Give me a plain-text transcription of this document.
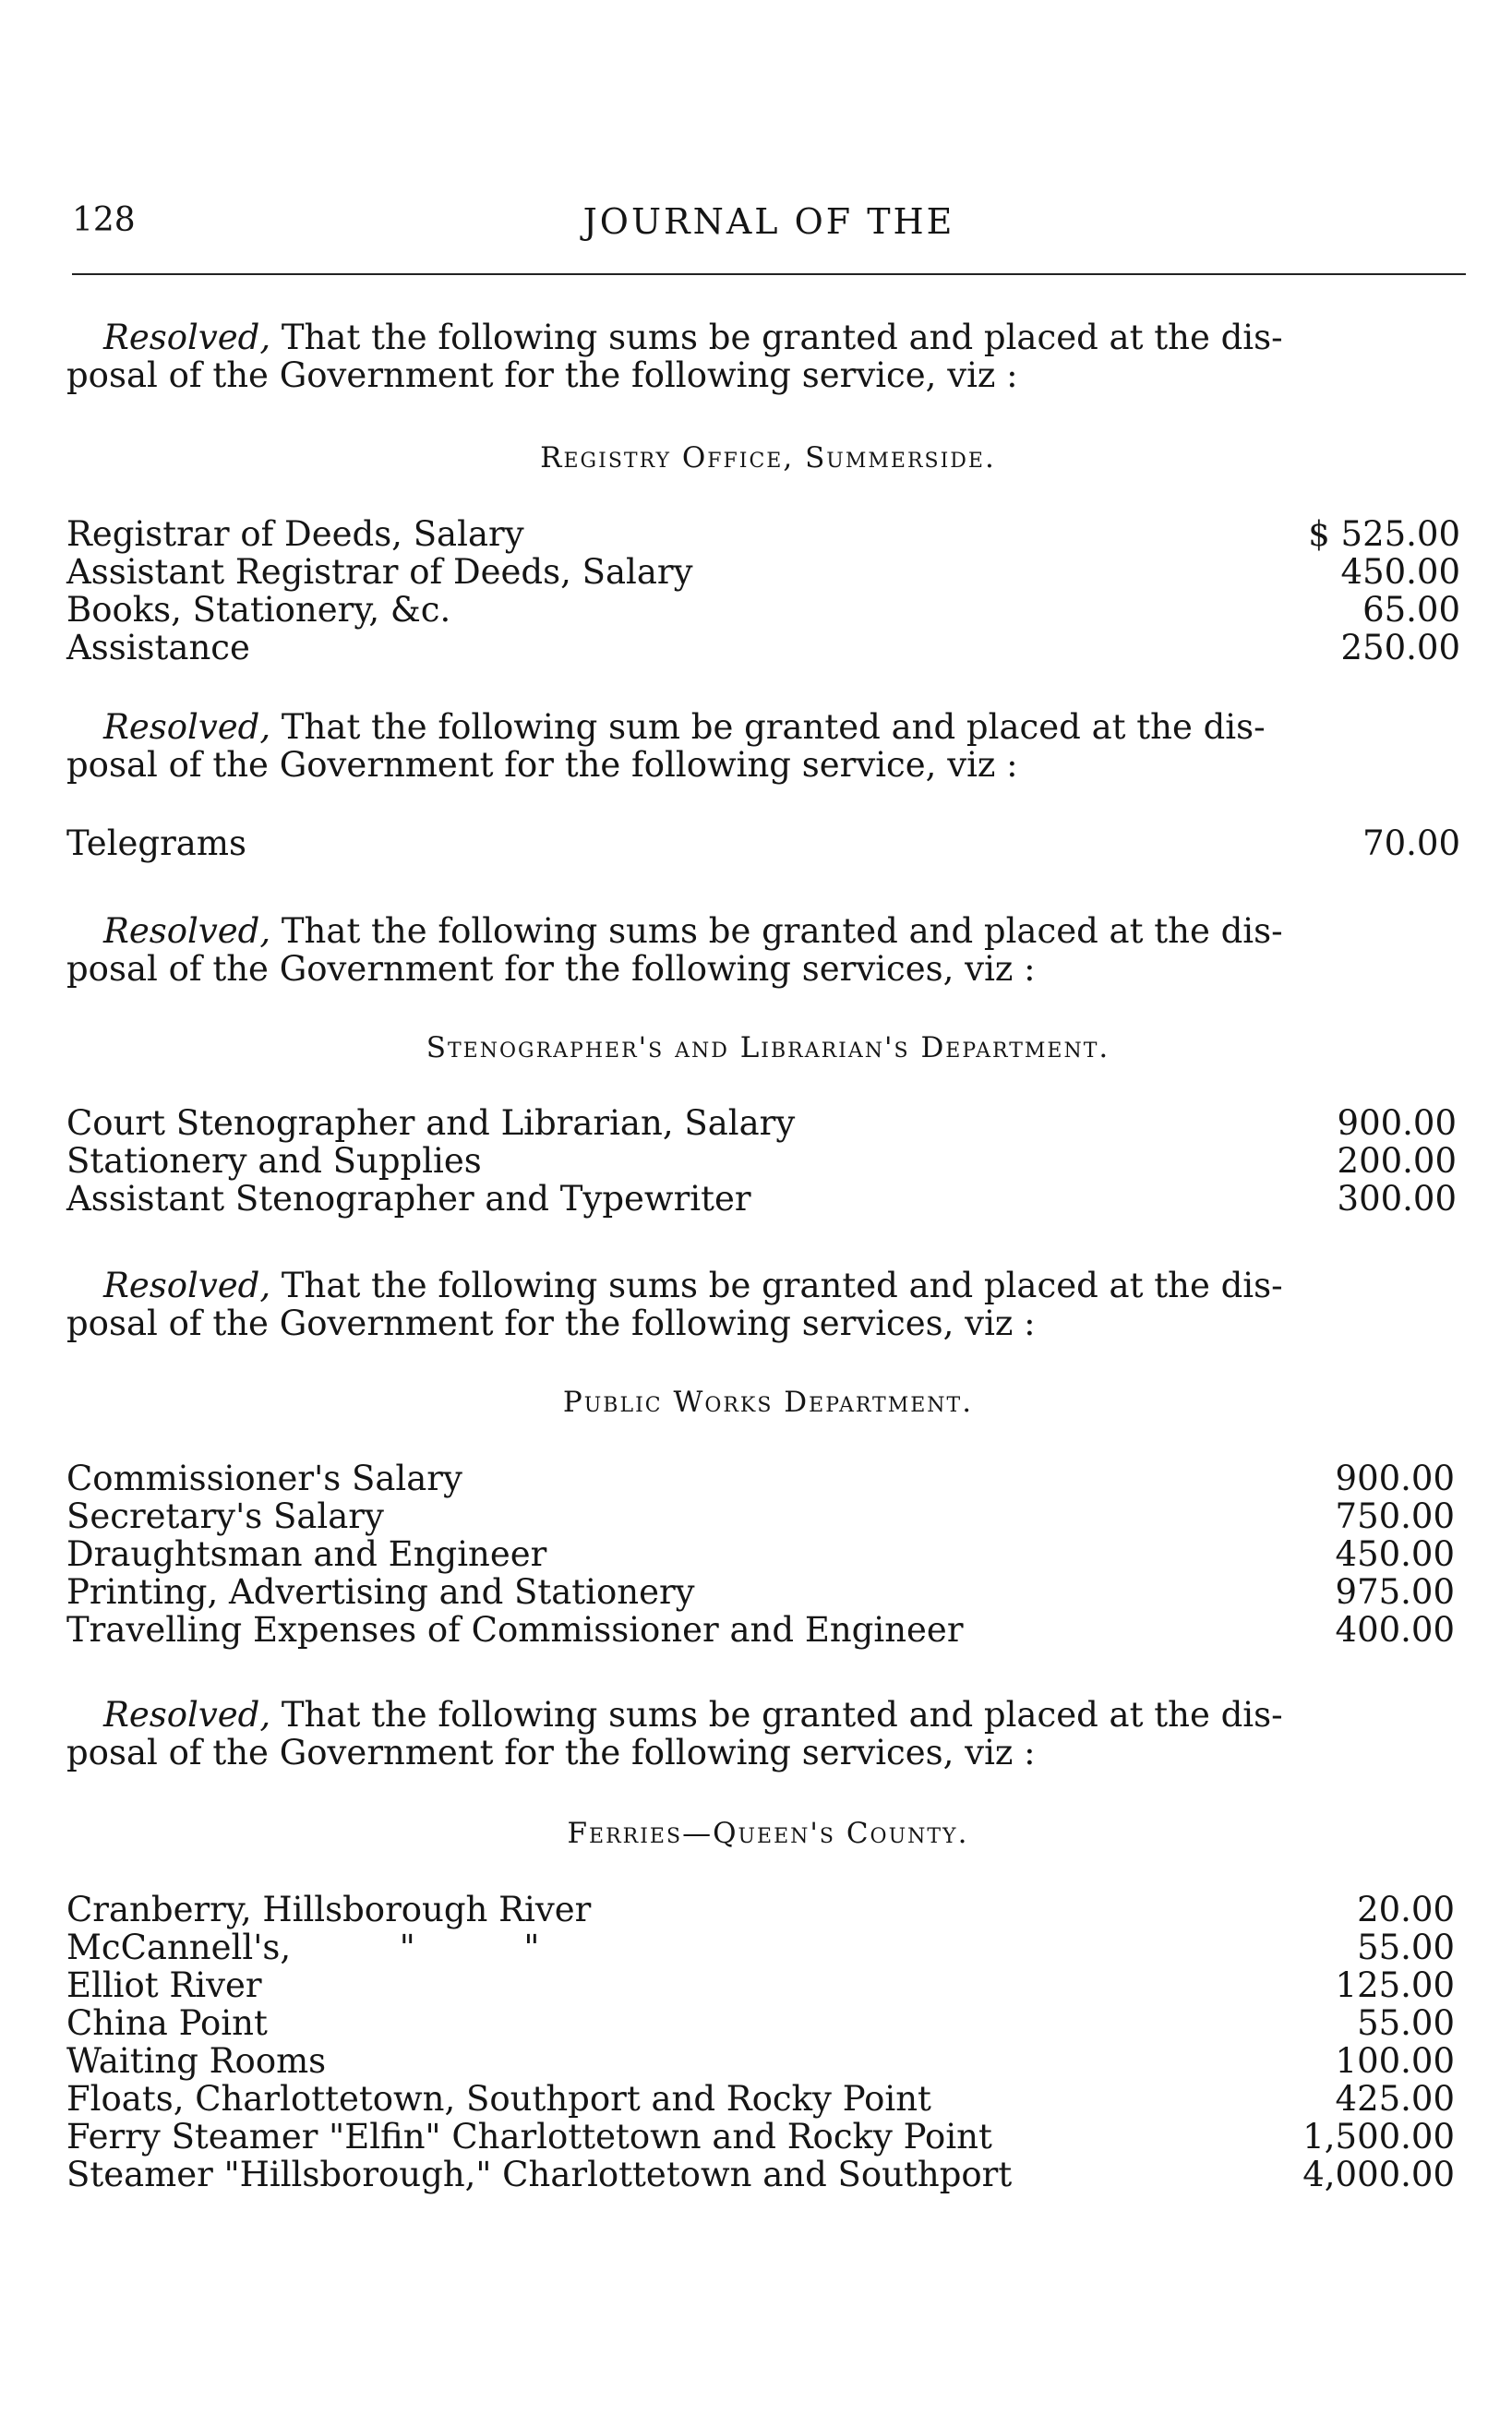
128	JOURNAL OF THE

Resolved, That the following sums be granted and placed at the dis-

posal of the Government for the following service, viz :

Registry Office, Summerside.
Registrar of Deeds, Salary	$ 525.00
Assistant Registrar of Deeds, Salary	450.00
Books, Stationery, &c.	65.00
Assistance	250.00

Resolved, That the following sum be granted and placed at the dis-

posal of the Government for the following service, viz :

Telegrams	70.00

Resolved, That the following sums be granted and placed at the dis-

posal of the Government for the following services, viz :

Stenographer's and Librarian's Department.
Court Stenographer and Librarian, Salary	900.00
Stationery and Supplies	200.00
Assistant Stenographer and Typewriter	300.00

Resolved, That the following sums be granted and placed at the dis-

posal of the Government for the following services, viz :

Public Works Department.
Commissioner's Salary	900.00
Secretary's Salary	750.00
Draughtsman and Engineer	450.00
Printing, Advertising and Stationery	975.00
Travelling Expenses of Commissioner and Engineer	400.00

Resolved, That the following sums be granted and placed at the dis-

posal of the Government for the following services, viz :

Ferries—Queen's County.
Cranberry, Hillsborough River	20.00
McCannell's,          "          "	55.00
Elliot River	125.00
China Point	55.00
Waiting Rooms	100.00
Floats, Charlottetown, Southport and Rocky Point	425.00
Ferry Steamer "Elfin" Charlottetown and Rocky Point	1,500.00
Steamer "Hillsborough," Charlottetown and Southport	4,000.00
